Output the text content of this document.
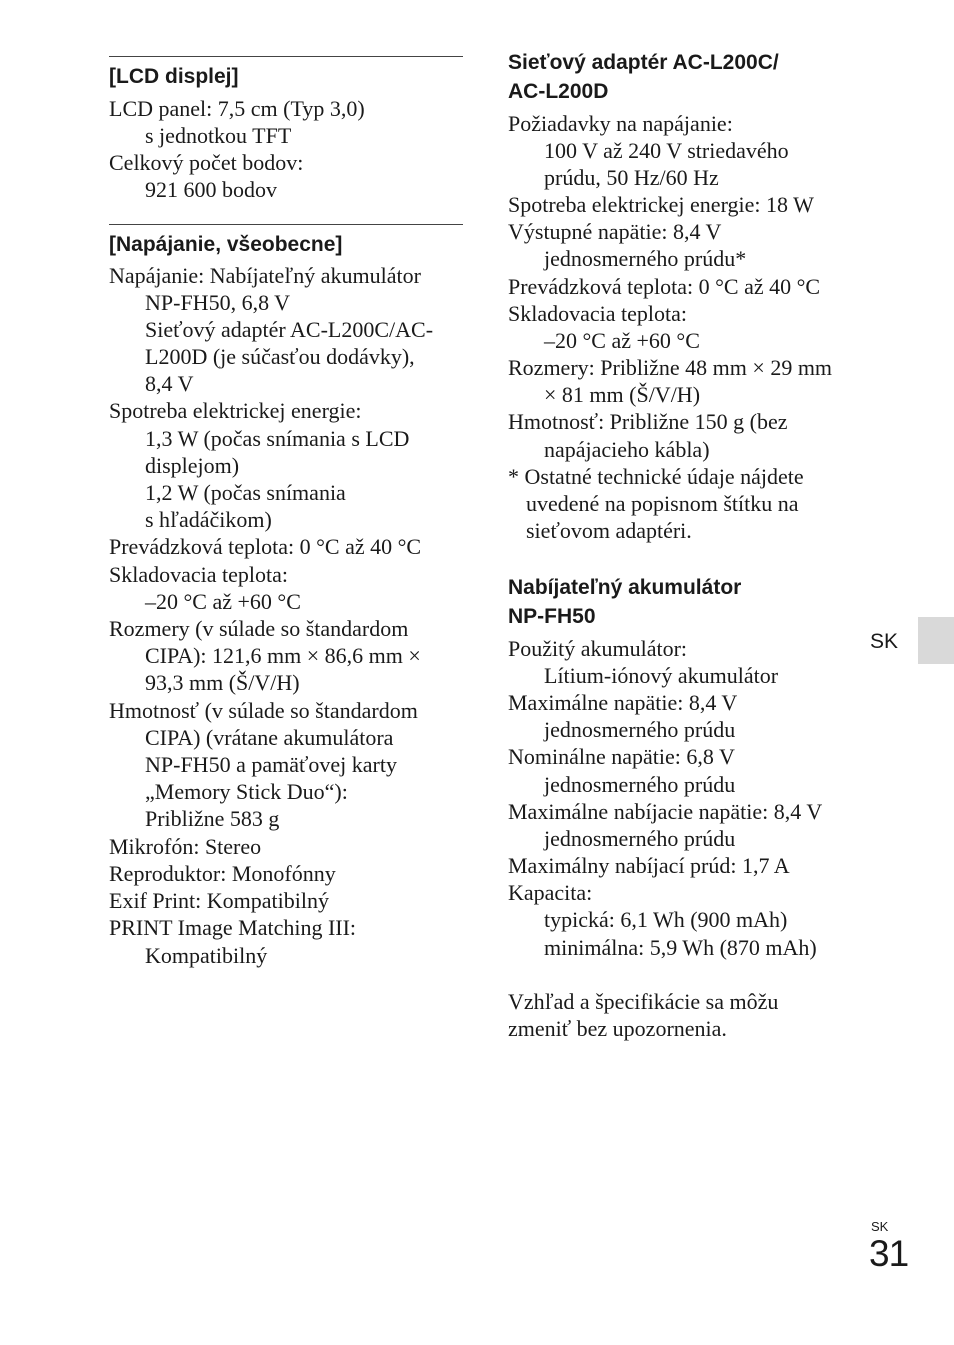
[LCD displej]
LCD panel: 7,5 cm (Typ 3,0)
s jednotkou TFT
Celkový počet bodov:
921 600 bodov
[Napájanie, všeobecne]
Napájanie: Nabíjateľný akumulátor
NP-FH50, 6,8 V
Sieťový adaptér AC-L200C/AC-
L200D (je súčasťou dodávky),
8,4 V
Spotreba elektrickej energie:
1,3 W (počas snímania s LCD
displejom)
1,2 W (počas snímania
s hľadáčikom)
Prevádzková teplota: 0 °C až 40 °C
Skladovacia teplota:
–20 °C až +60 °C
Rozmery (v súlade so štandardom
CIPA): 121,6 mm × 86,6 mm ×
93,3 mm (Š/V/H)
Hmotnosť (v súlade so štandardom
CIPA) (vrátane akumulátora
NP-FH50 a pamäťovej karty
„Memory Stick Duo“):
Približne 583 g
Mikrofón: Stereo
Reproduktor: Monofónny
Exif Print: Kompatibilný
PRINT Image Matching III:
Kompatibilný
Sieťový adaptér AC-L200C/
AC-L200D
Požiadavky na napájanie:
100 V až 240 V striedavého
prúdu, 50 Hz/60 Hz
Spotreba elektrickej energie: 18 W
Výstupné napätie: 8,4 V
jednosmerného prúdu*
Prevádzková teplota: 0 °C až 40 °C
Skladovacia teplota:
–20 °C až +60 °C
Rozmery: Približne 48 mm × 29 mm
× 81 mm (Š/V/H)
Hmotnosť: Približne 150 g (bez
napájacieho kábla)
* Ostatné technické údaje nájdete
uvedené na popisnom štítku na
sieťovom adaptéri.
Nabíjateľný akumulátor
NP-FH50
Použitý akumulátor:
Lítium-iónový akumulátor
Maximálne napätie: 8,4 V
jednosmerného prúdu
Nominálne napätie: 6,8 V
jednosmerného prúdu
Maximálne nabíjacie napätie: 8,4 V
jednosmerného prúdu
Maximálny nabíjací prúd: 1,7 A
Kapacita:
typická: 6,1 Wh (900 mAh)
minimálna: 5,9 Wh (870 mAh)
Vzhľad a špecifikácie sa môžu
zmeniť bez upozornenia.
SK
SK
31
